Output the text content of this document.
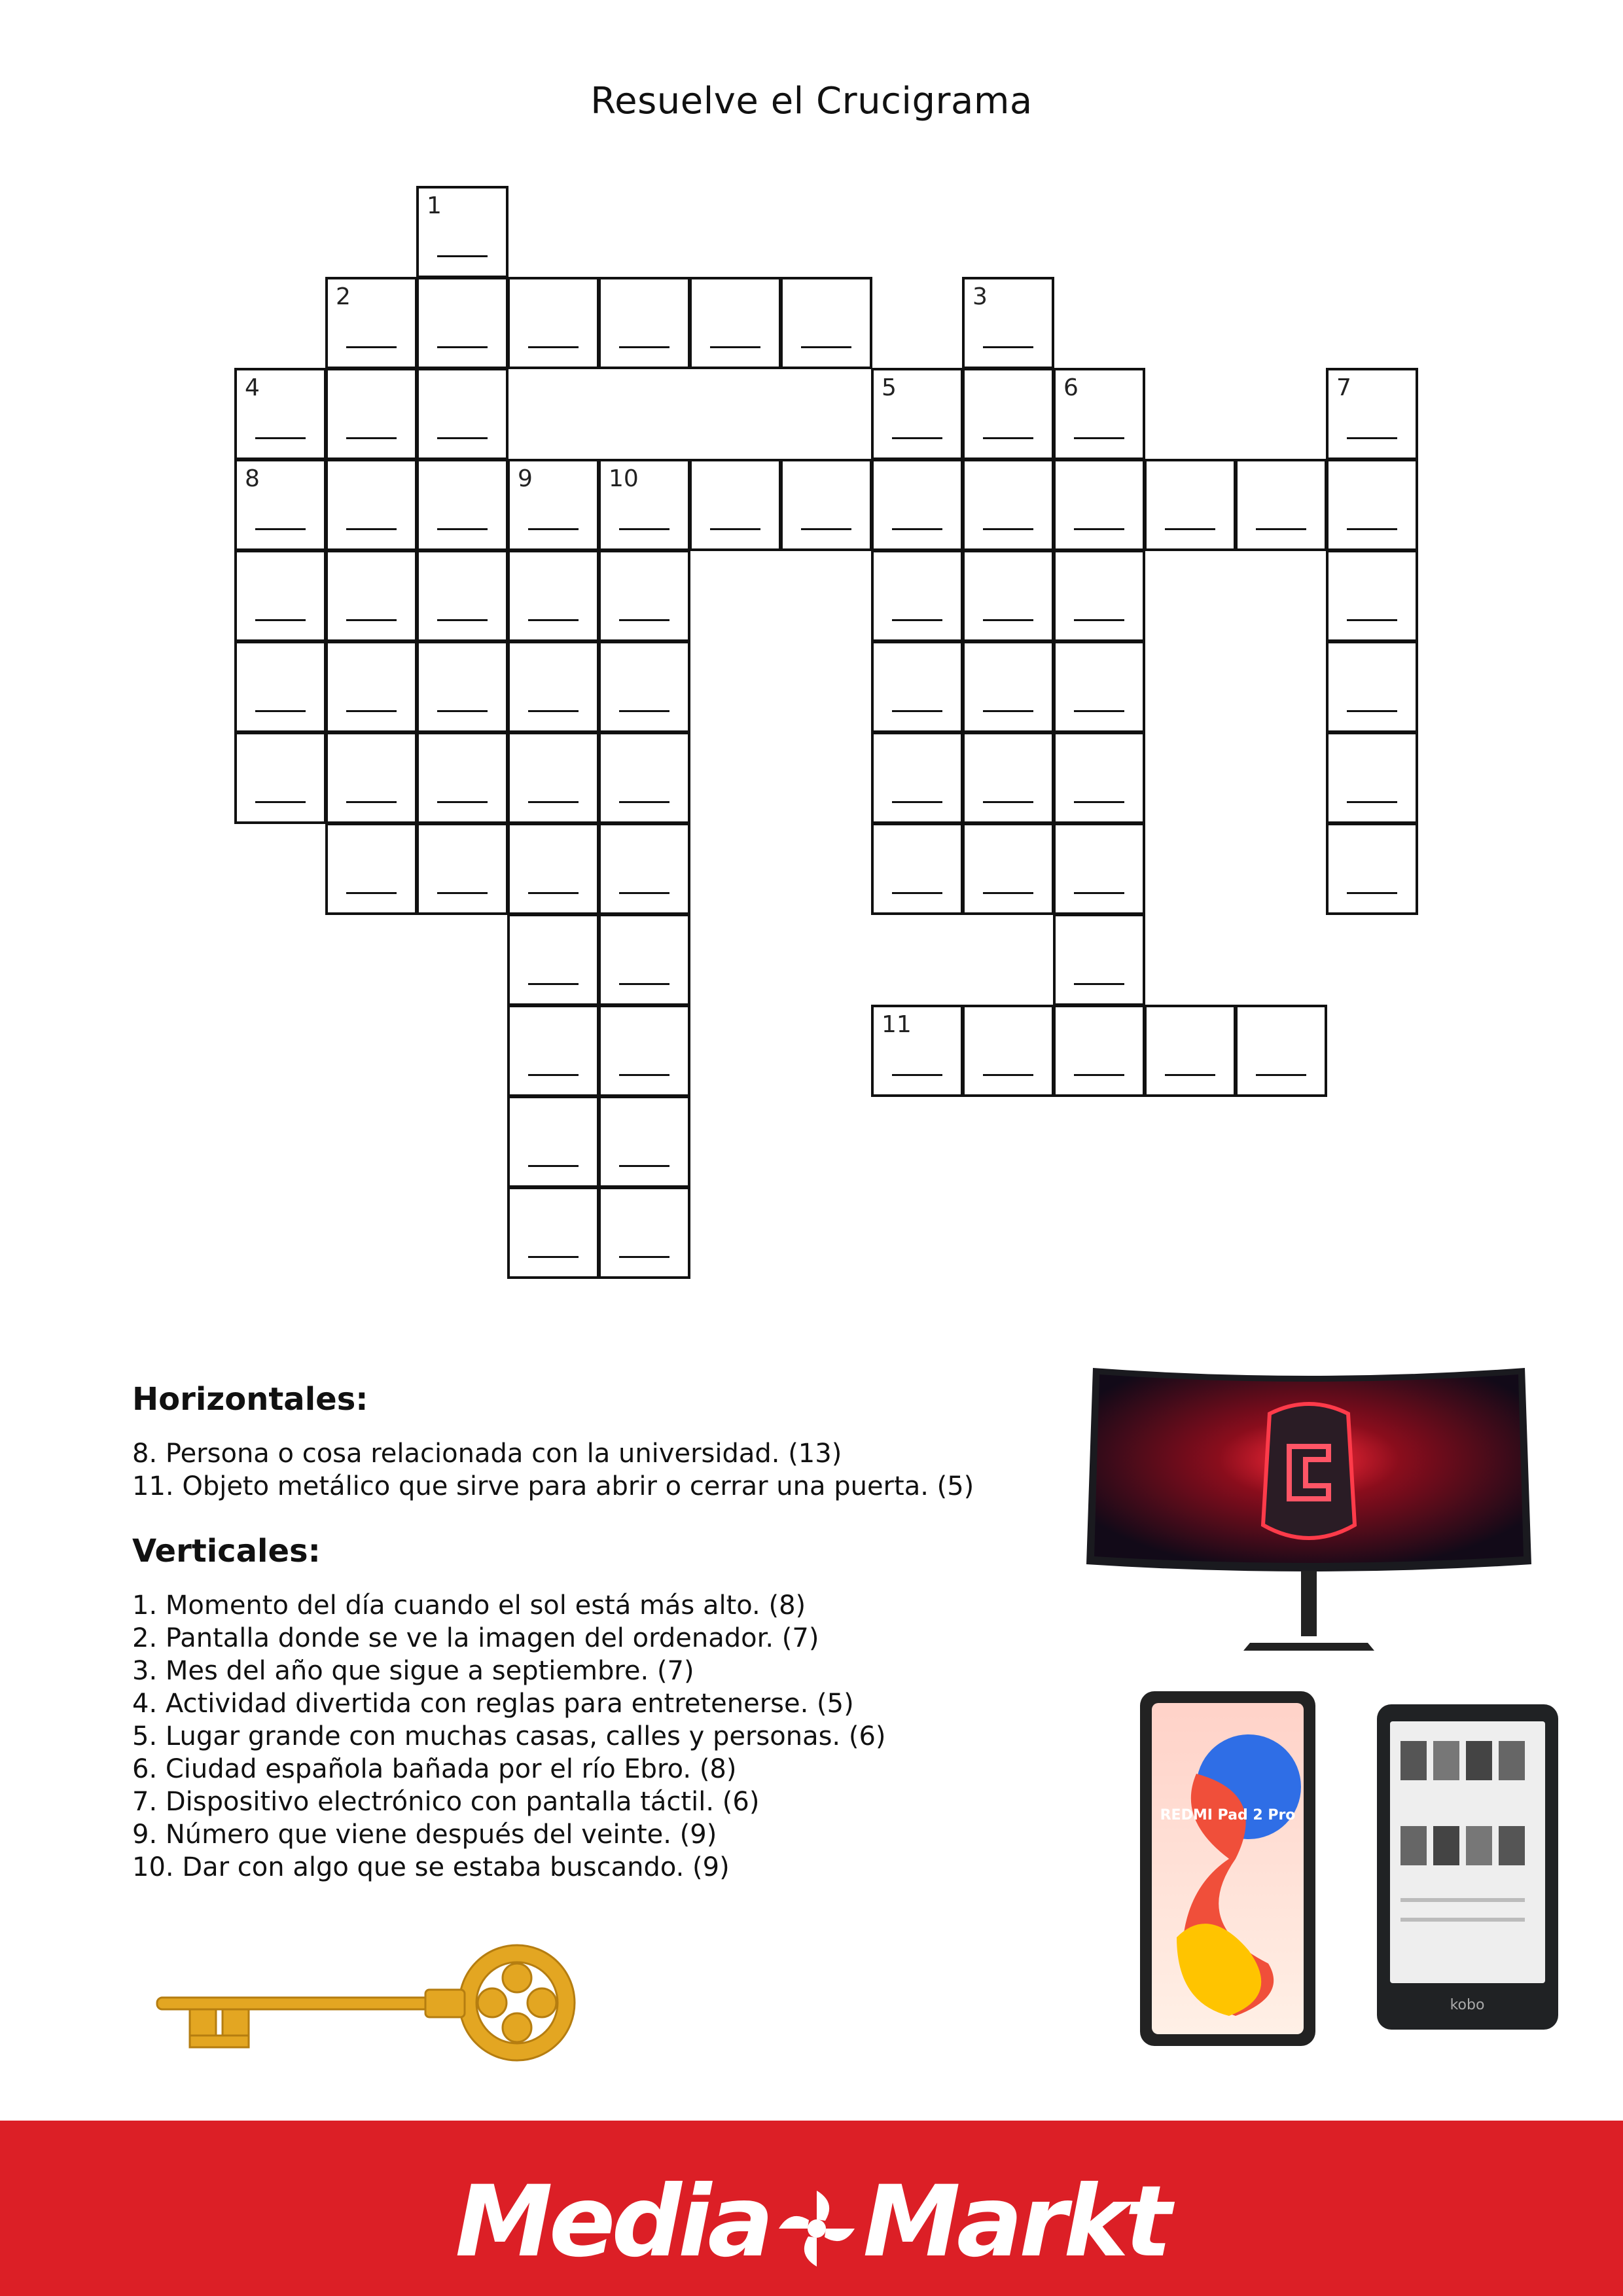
Resuelve el Crucigrama
1
2	3
4	5	6	7
8	9	10
11

Horizontales:

8. Persona o cosa relacionada con la universidad. (13)

11. Objeto metálico que sirve para abrir o cerrar una puerta. (5)

Verticales:

1. Momento del día cuando el sol está más alto. (8)

2. Pantalla donde se ve la imagen del ordenador. (7)

3. Mes del año que sigue a septiembre. (7)

4. Actividad divertida con reglas para entretenerse. (5)

5. Lugar grande con muchas casas, calles y personas. (6)

6. Ciudad española bañada por el río Ebro. (8)

7. Dispositivo electrónico con pantalla táctil. (6)

9. Número que viene después del veinte. (9)

10. Dar con algo que se estaba buscando. (9)

REDMI Pad 2 Pro
kobo
Media Markt
